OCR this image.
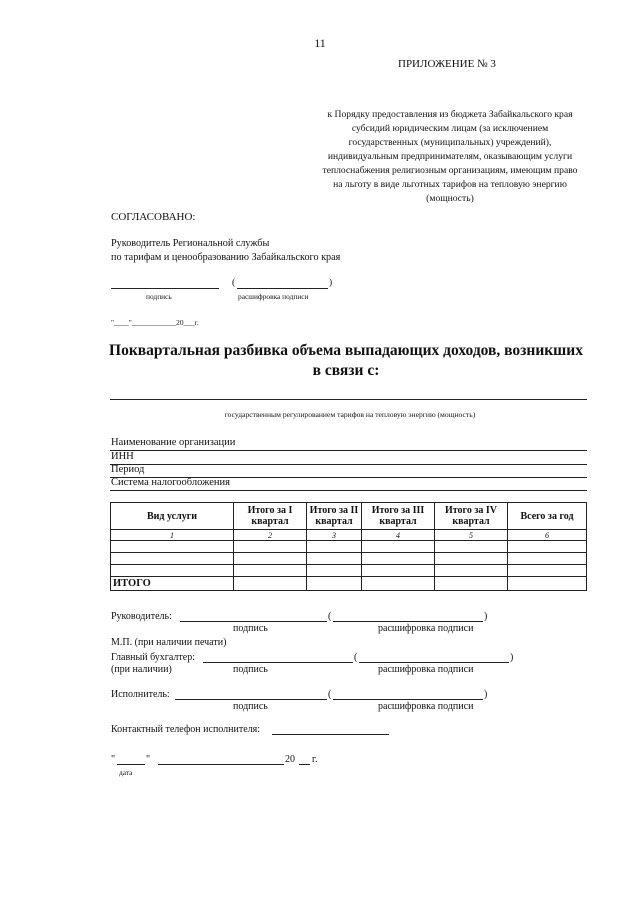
11
ПРИЛОЖЕНИЕ № 3
к Порядку предоставления из бюджета Забайкальского края
субсидий юридическим лицам (за исключением
государственных (муниципальных) учреждений),
индивидуальным предпринимателям, оказывающим услуги
теплоснабжения религиозным организациям, имеющим право
на льготу в виде льготных тарифов на тепловую энергию
(мощность)
СОГЛАСОВАНО:
Руководитель Региональной службы
по тарифам и ценообразованию Забайкальского края
(	)
подпись	расшифровка подписи
"____"____________20___г.
Поквартальная разбивка объема выпадающих доходов, возникших
в связи с:
государственным регулированием тарифов на тепловую энергию (мощность)
Наименование организации
ИНН
Период
Система налогообложения
Вид услуги	Итого за I квартал	Итого за II квартал	Итого за III квартал	Итого за IV квартал	Всего за год
1	2	3	4	5	6

ИТОГО					
Руководитель:	(	)
подпись	расшифровка подписи
М.П. (при наличии печати)
Главный бухгалтер:	(	)
(при наличии)	подпись	расшифровка подписи
Исполнитель:	(	)
подпись	расшифровка подписи
Контактный телефон исполнителя:
"	"	20 г.
дата
